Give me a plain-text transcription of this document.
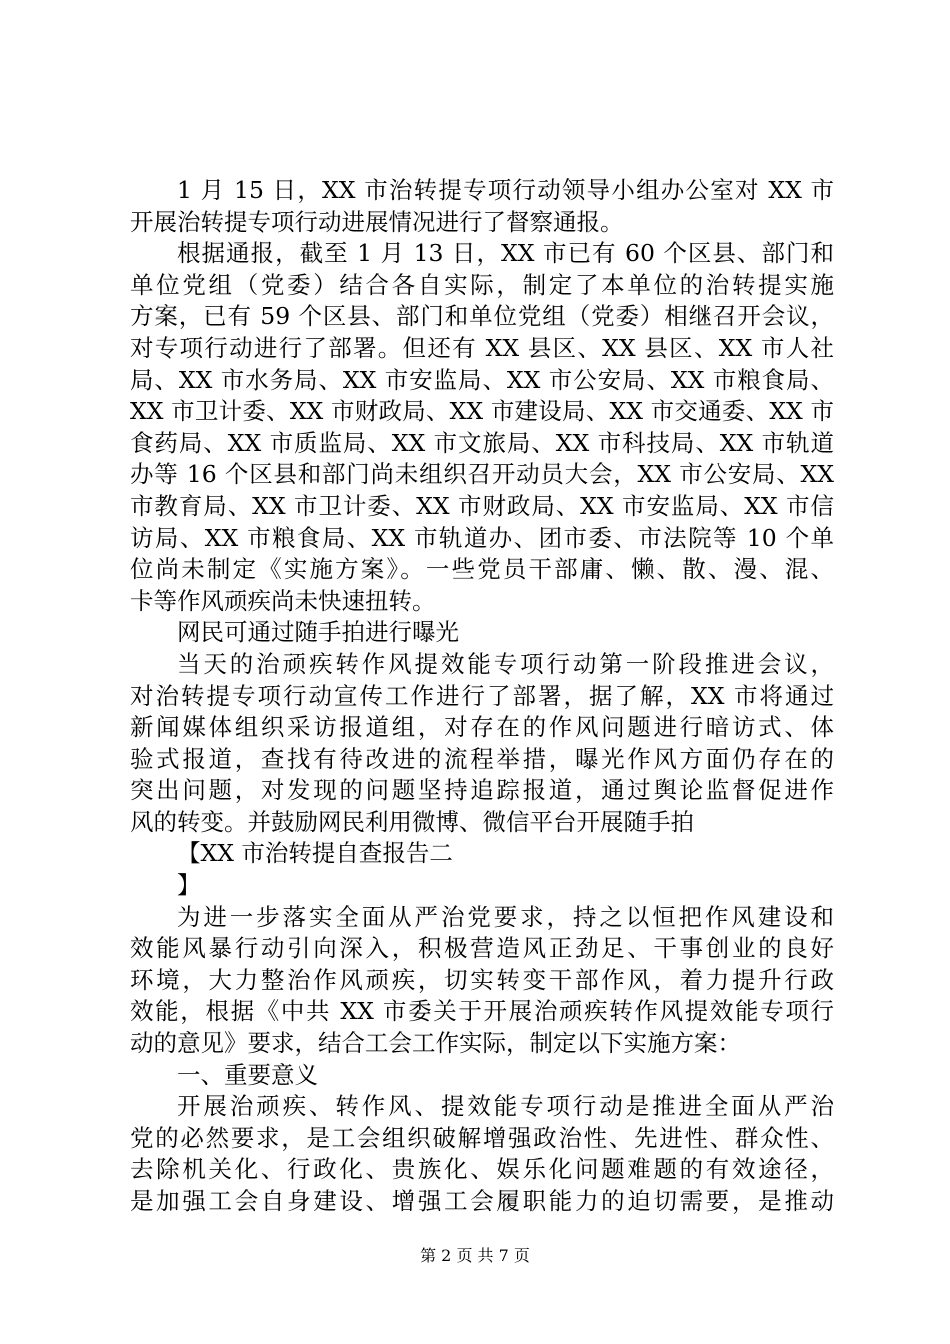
1 月 15 日，XX 市治转提专项行动领导小组办公室对 XX 市
开展治转提专项行动进展情况进行了督察通报。
根据通报，截至 1 月 13 日，XX 市已有 60 个区县、部门和
单位党组（党委）结合各自实际，制定了本单位的治转提实施
方案，已有 59 个区县、部门和单位党组（党委）相继召开会议，
对专项行动进行了部署。但还有 XX 县区、XX 县区、XX 市人社
局、XX 市水务局、XX 市安监局、XX 市公安局、XX 市粮食局、
XX 市卫计委、XX 市财政局、XX 市建设局、XX 市交通委、XX 市
食药局、XX 市质监局、XX 市文旅局、XX 市科技局、XX 市轨道
办等 16 个区县和部门尚未组织召开动员大会，XX 市公安局、XX
市教育局、XX 市卫计委、XX 市财政局、XX 市安监局、XX 市信
访局、XX 市粮食局、XX 市轨道办、团市委、市法院等 10 个单
位尚未制定《实施方案》。一些党员干部庸、懒、散、漫、混、
卡等作风顽疾尚未快速扭转。
网民可通过随手拍进行曝光
当天的治顽疾转作风提效能专项行动第一阶段推进会议，
对治转提专项行动宣传工作进行了部署，据了解，XX 市将通过
新闻媒体组织采访报道组，对存在的作风问题进行暗访式、体
验式报道，查找有待改进的流程举措，曝光作风方面仍存在的
突出问题，对发现的问题坚持追踪报道，通过舆论监督促进作
风的转变。并鼓励网民利用微博、微信平台开展随手拍
【XX 市治转提自查报告二
】
为进一步落实全面从严治党要求，持之以恒把作风建设和
效能风暴行动引向深入，积极营造风正劲足、干事创业的良好
环境，大力整治作风顽疾，切实转变干部作风，着力提升行政
效能，根据《中共 XX 市委关于开展治顽疾转作风提效能专项行
动的意见》要求，结合工会工作实际，制定以下实施方案：
一、重要意义
开展治顽疾、转作风、提效能专项行动是推进全面从严治
党的必然要求，是工会组织破解增强政治性、先进性、群众性、
去除机关化、行政化、贵族化、娱乐化问题难题的有效途径，
是加强工会自身建设、增强工会履职能力的迫切需要，是推动
第 2 页 共 7 页
